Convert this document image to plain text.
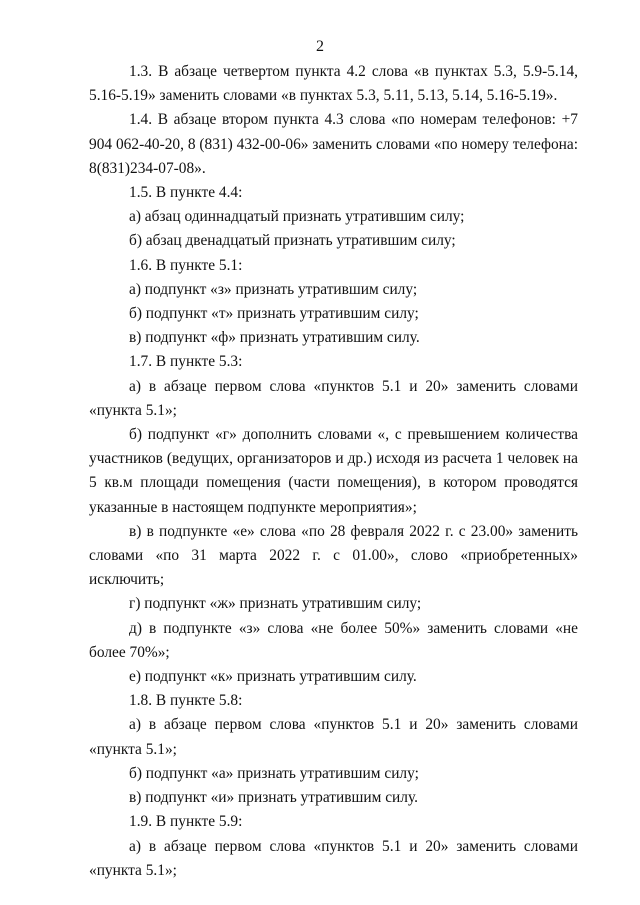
2

1.3. В абзаце четвертом пункта 4.2 слова «в пунктах 5.3, 5.9-5.14, 5.16-5.19» заменить словами «в пунктах 5.3, 5.11, 5.13, 5.14, 5.16-5.19».

1.4. В абзаце втором пункта 4.3 слова «по номерам телефонов: +7 904 062-40-20, 8 (831) 432-00-06» заменить словами «по номеру телефона: 8(831)234-07-08».

1.5. В пункте 4.4:

а) абзац одиннадцатый признать утратившим силу;

б) абзац двенадцатый признать утратившим силу;

1.6. В пункте 5.1:

а) подпункт «з» признать утратившим силу;

б) подпункт «т» признать утратившим силу;

в) подпункт «ф» признать утратившим силу.

1.7. В пункте 5.3:

а) в абзаце первом слова «пунктов 5.1 и 20» заменить словами «пункта 5.1»;

б) подпункт «г» дополнить словами «, с превышением количества участников (ведущих, организаторов и др.) исходя из расчета 1 человек на 5 кв.м площади помещения (части помещения), в котором проводятся указанные в настоящем подпункте мероприятия»;

в) в подпункте «е» слова «по 28 февраля 2022 г. с 23.00» заменить словами «по 31 марта 2022 г. с 01.00», слово «приобретенных» исключить;

г) подпункт «ж» признать утратившим силу;

д) в подпункте «з» слова «не более 50%» заменить словами «не более 70%»;

е) подпункт «к» признать утратившим силу.

1.8. В пункте 5.8:

а) в абзаце первом слова «пунктов 5.1 и 20» заменить словами «пункта 5.1»;

б) подпункт «а» признать утратившим силу;

в) подпункт «и» признать утратившим силу.

1.9. В пункте 5.9:

а) в абзаце первом слова «пунктов 5.1 и 20» заменить словами «пункта 5.1»;
